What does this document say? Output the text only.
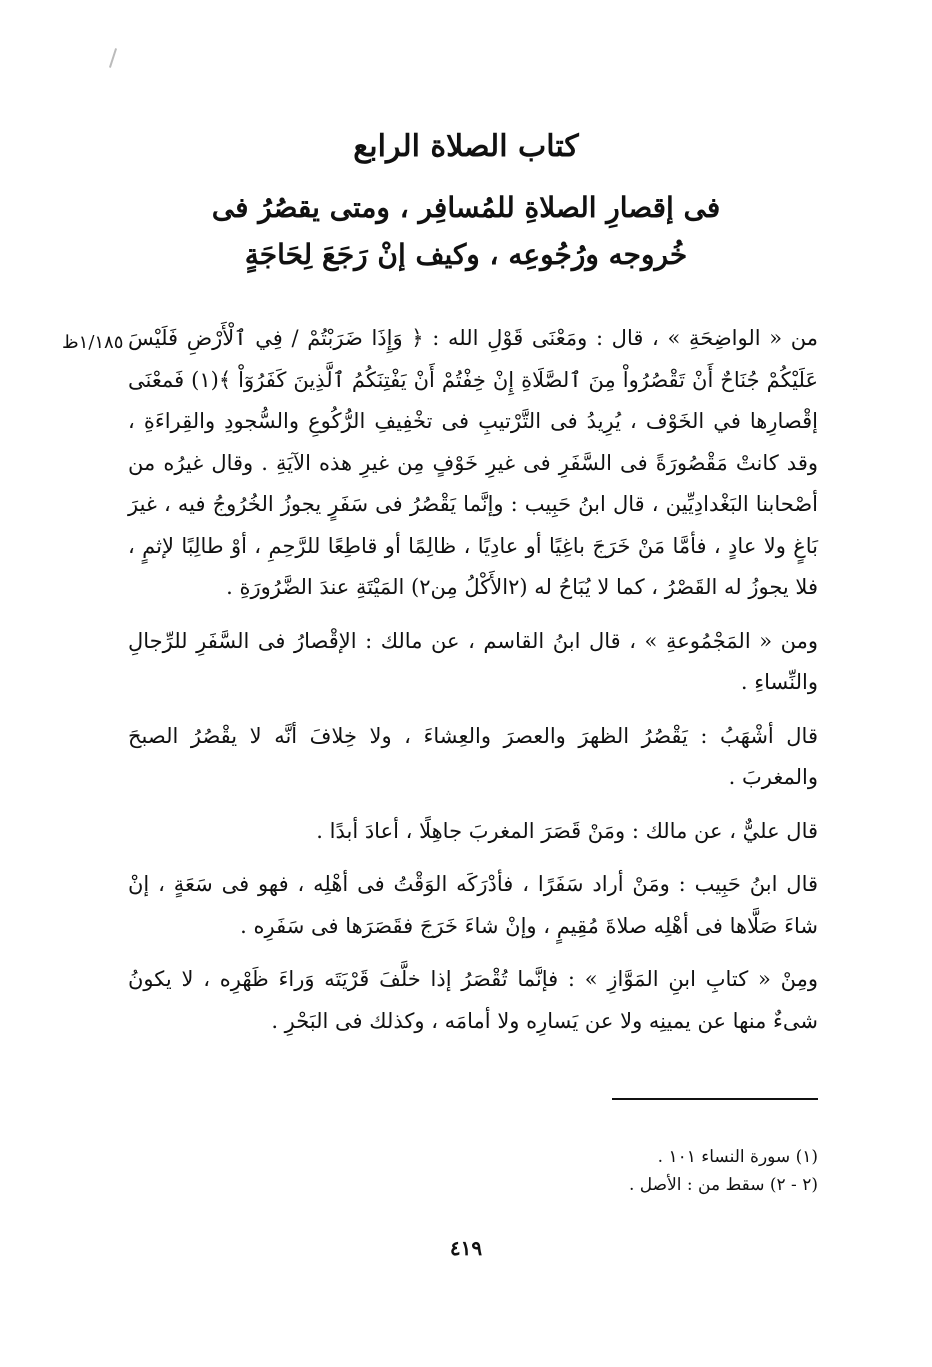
كتاب الصلاة الرابع
فى إقصارِ الصلاةِ للمُسافِر ، ومتى يقصُرُ فى
خُروجه ورُجُوعِه ، وكيف إنْ رَجَعَ لِحَاجَةٍ
١/١٨٥ظ من « الواضِحَةِ » ، قال : ومَعْنَى قَوْلِ الله : ﴿ وَإِذَا ضَرَبْتُمْ / فِي ٱلْأَرْضِ فَلَيْسَ عَلَيْكُمْ جُنَاحٌ أَنْ تَقْصُرُواْ مِنَ ٱلصَّلَاةِ إِنْ خِفْتُمْ أَنْ يَفْتِنَكُمُ ٱلَّذِينَ كَفَرُوٓاْ ﴾(١) فَمعْنَى إقْصارِها في الخَوْف ، يُرِيدُ فى التَّرْتيبِ فى تخْفِيفِ الرُّكُوعِ والسُّجودِ والقِراءَةِ ، وقد كانتْ مَقْصُورَةً فى السَّفَرِ فى غيرِ خَوْفٍ مِن غيرِ هذه الآيَةِ . وقال غيرُه من أصْحابنا البَغْدادِيِّين ، قال ابنُ حَبِيب : وإنَّما يَقْصُرُ فى سَفَرٍ يجوزُ الخُرُوجُ فيه ، غيرَ بَاغٍ ولا عادٍ ، فأمَّا مَنْ خَرَجَ باغِيًا أو عادِيًا ، ظالِمًا أو قاطِعًا للرَّحِمِ ، أوْ طالِبًا لإثمٍ ، فلا يجوزُ له القَصْرُ ، كما لا يُبَاحُ له (٢الأَكْلُ مِن٢) المَيْتَةِ عندَ الضَّرُورَةِ .

ومن « المَجْمُوعةِ » ، قال ابنُ القاسم ، عن مالك : الإقْصارُ فى السَّفَرِ للرِّجالِ والنِّساءِ .

قال أشْهَبُ : يَقْصُرُ الظهرَ والعصرَ والعِشاءَ ، ولا خِلافَ أنَّه لا يقْصُرُ الصبحَ والمغربَ .

قال عليٌّ ، عن مالك : ومَنْ قَصَرَ المغربَ جاهِلًا ، أعادَ أبدًا .

قال ابنُ حَبِيب : ومَنْ أراد سَفَرًا ، فأدْرَكَه الوَقْتُ فى أهْلِه ، فهو فى سَعَةٍ ، إنْ شاءَ صَلَّاها فى أهْلِه صلاةَ مُقِيمٍ ، وإنْ شاءَ خَرَجَ فقَصَرَها فى سَفَرِه .

ومِنْ « كتابِ ابنِ المَوَّازِ » : فإنَّما تُقْصَرُ إذا خلَّفَ قَرْيَتَه وَراءَ ظَهْرِه ، لا يكونُ شىءٌ منها عن يمينِه ولا عن يَسارِه ولا أمامَه ، وكذلك فى البَحْرِ .

(١) سورة النساء ١٠١ .

(٢ - ٢) سقط من : الأصل .

٤١٩
